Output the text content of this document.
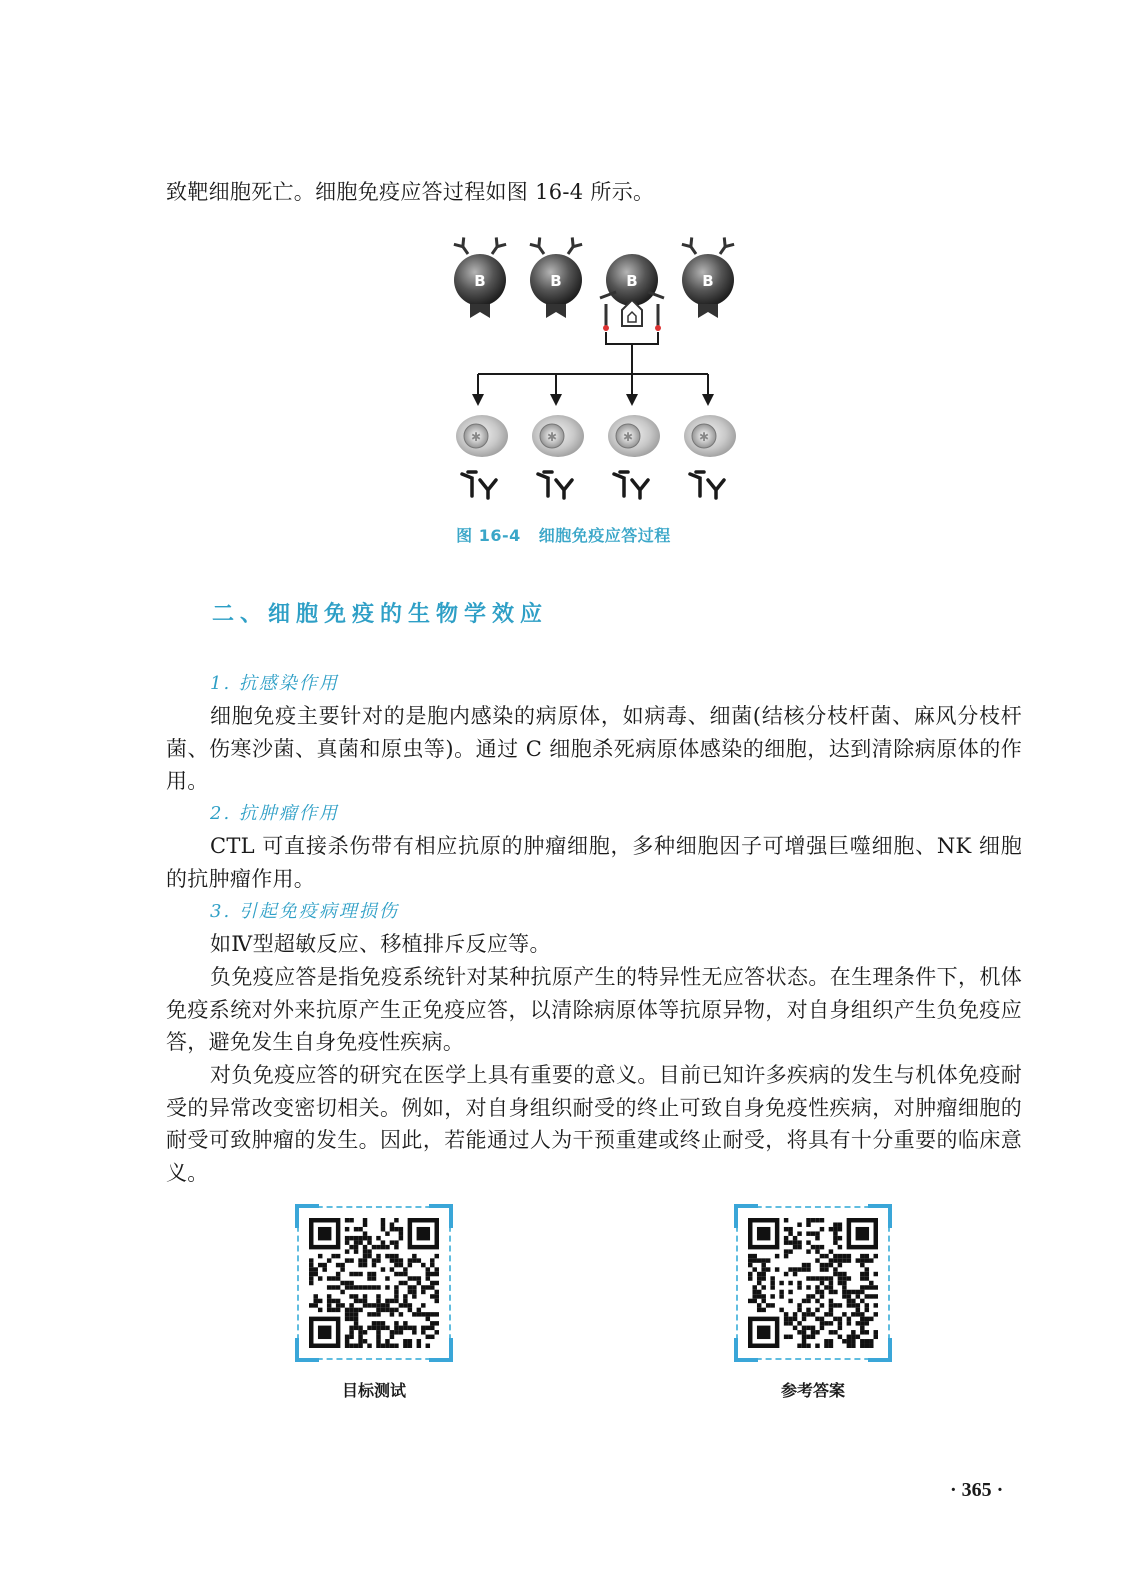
致靶细胞死亡。细胞免疫应答过程如图 16-4 所示。

B	B	B	B
✱	✱	✱	✱
图 16-4 细胞免疫应答过程
二、细胞免疫的生物学效应
1. 抗感染作用

细胞免疫主要针对的是胞内感染的病原体，如病毒、细菌(结核分枝杆菌、麻风分枝杆菌、伤寒沙菌、真菌和原虫等)。通过 C 细胞杀死病原体感染的细胞，达到清除病原体的作用。

2. 抗肿瘤作用

CTL 可直接杀伤带有相应抗原的肿瘤细胞，多种细胞因子可增强巨噬细胞、NK 细胞的抗肿瘤作用。

3. 引起免疫病理损伤

如Ⅳ型超敏反应、移植排斥反应等。

负免疫应答是指免疫系统针对某种抗原产生的特异性无应答状态。在生理条件下，机体免疫系统对外来抗原产生正免疫应答，以清除病原体等抗原异物，对自身组织产生负免疫应答，避免发生自身免疫性疾病。

对负免疫应答的研究在医学上具有重要的意义。目前已知许多疾病的发生与机体免疫耐受的异常改变密切相关。例如，对自身组织耐受的终止可致自身免疫性疾病，对肿瘤细胞的耐受可致肿瘤的发生。因此，若能通过人为干预重建或终止耐受，将具有十分重要的临床意义。

目标测试	参考答案
· 365 ·
